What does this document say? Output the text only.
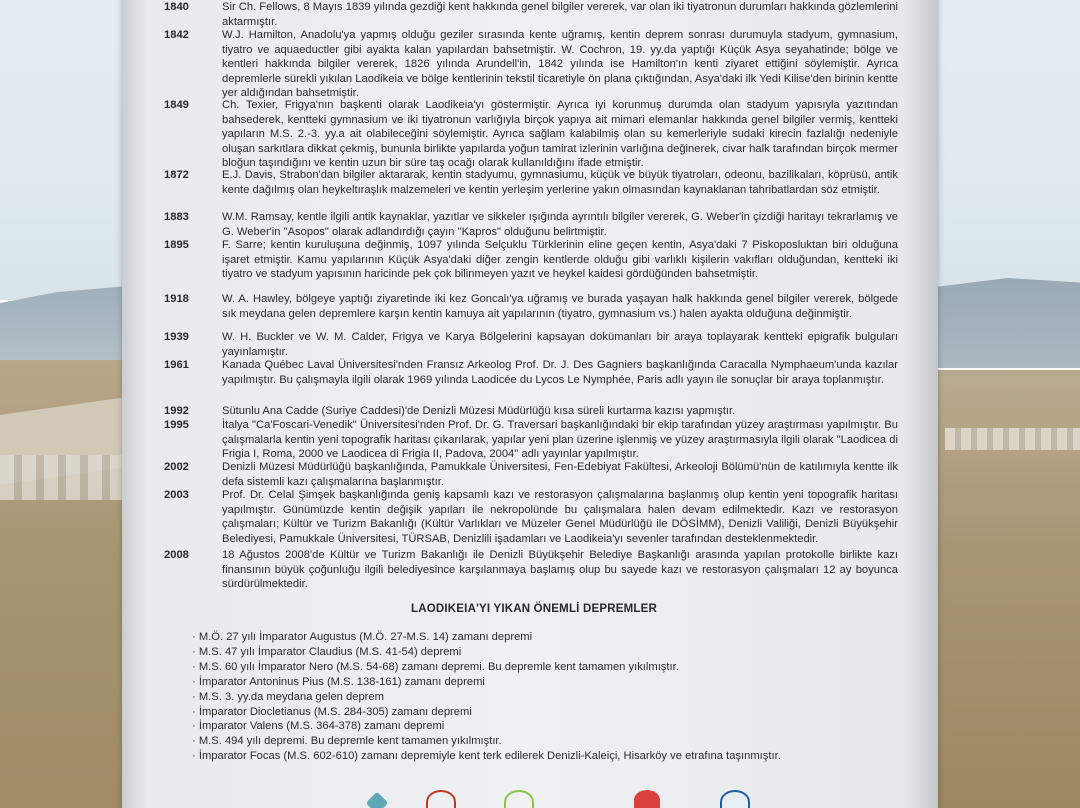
1840	Sir Ch. Fellows, 8 Mayıs 1839 yılında gezdiği kent hakkında genel bilgiler vererek, var olan iki tiyatronun durumları hakkında gözlemlerini aktarmıştır.
1842	W.J. Hamilton, Anadolu'ya yapmış olduğu geziler sırasında kente uğramış, kentin deprem sonrası durumuyla stadyum, gymnasium, tiyatro ve aquaeductler gibi ayakta kalan yapılardan bahsetmiştir. W. Cochron, 19. yy.da yaptığı Küçük Asya seyahatinde; bölge ve kentleri hakkında bilgiler vererek, 1826 yılında Arundell'in, 1842 yılında ise Hamilton'ın kenti ziyaret ettiğini söylemiştir. Ayrıca depremlerle sürekli yıkılan Laodikeia ve bölge kentlerinin tekstil ticaretiyle ön plana çıktığından, Asya'daki ilk Yedi Kilise'den birinin kentte yer aldığından bahsetmiştir.
1849	Ch. Texier, Frigya'nın başkenti olarak Laodikeia'yı göstermiştir. Ayrıca iyi korunmuş durumda olan stadyum yapısıyla yazıtından bahsederek, kentteki gymnasium ve iki tiyatronun varlığıyla birçok yapıya ait mimari elemanlar hakkında genel bilgiler vermiş, kentteki yapıların M.S. 2.-3. yy.a ait olabileceğini söylemiştir. Ayrıca sağlam kalabilmiş olan su kemerleriyle sudaki kirecin fazlalığı nedeniyle oluşan sarkıtlara dikkat çekmiş, bununla birlikte yapılarda yoğun tamirat izlerinin varlığına değinerek, civar halk tarafından birçok mermer bloğun taşındığını ve kentin uzun bir süre taş ocağı olarak kullanıldığını ifade etmiştir.
1872	E.J. Davis, Strabon'dan bilgiler aktararak, kentin stadyumu, gymnasiumu, küçük ve büyük tiyatroları, odeonu, bazilikaları, köprüsü, antik kente dağılmış olan heykeltıraşlık malzemeleri ve kentin yerleşim yerlerine yakın olmasından kaynaklanan tahribatlardan söz etmiştir.
1883	W.M. Ramsay, kentle ilgili antik kaynaklar, yazıtlar ve sikkeler ışığında ayrıntılı bilgiler vererek, G. Weber'in çizdiği haritayı tekrarlamış ve G. Weber'in "Asopos" olarak adlandırdığı çayın "Kapros" olduğunu belirtmiştir.
1895	F. Sarre; kentin kuruluşuna değinmiş, 1097 yılında Selçuklu Türklerinin eline geçen kentin, Asya'daki 7 Piskoposluktan biri olduğuna işaret etmiştir. Kamu yapılarının Küçük Asya'daki diğer zengin kentlerde olduğu gibi varlıklı kişilerin vakıfları olduğundan, kentteki iki tiyatro ve stadyum yapısının haricinde pek çok bilinmeyen yazıt ve heykel kaidesi gördüğünden bahsetmiştir.
1918	W. A. Hawley, bölgeye yaptığı ziyaretinde iki kez Goncalı'ya uğramış ve burada yaşayan halk hakkında genel bilgiler vererek, bölgede sık meydana gelen depremlere karşın kentin kamuya ait yapılarının (tiyatro, gymnasium vs.) halen ayakta olduğuna değinmiştir.
1939	W. H. Buckler ve W. M. Calder, Frigya ve Karya Bölgelerini kapsayan dokümanları bir araya toplayarak kentteki epigrafik bulguları yayınlamıştır.
1961	Kanada Québec Laval Üniversitesi'nden Fransız Arkeolog Prof. Dr. J. Des Gagniers başkanlığında Caracalla Nymphaeum'unda kazılar yapılmıştır. Bu çalışmayla ilgili olarak 1969 yılında Laodicée du Lycos Le Nymphée, Paris adlı yayın ile sonuçlar bir araya toplanmıştır.
1992	Sütunlu Ana Cadde (Suriye Caddesi)'de Denizli Müzesi Müdürlüğü kısa süreli kurtarma kazısı yapmıştır.
1995	İtalya "Ca'Foscari-Venedik" Üniversitesi'nden Prof. Dr. G. Traversari başkanlığındaki bir ekip tarafından yüzey araştırması yapılmıştır. Bu çalışmalarla kentin yeni topografik haritası çıkarılarak, yapılar yeni plan üzerine işlenmiş ve yüzey araştırmasıyla ilgili olarak "Laodicea di Frigia I, Roma, 2000 ve Laodicea di Frigia II, Padova, 2004" adlı yayınlar yapılmıştır.
2002	Denizli Müzesi Müdürlüğü başkanlığında, Pamukkale Üniversitesi, Fen-Edebiyat Fakültesi, Arkeoloji Bölümü'nün de katılımıyla kentte ilk defa sistemli kazı çalışmalarına başlanmıştır.
2003	Prof. Dr. Celal Şimşek başkanlığında geniş kapsamlı kazı ve restorasyon çalışmalarına başlanmış olup kentin yeni topografik haritası yapılmıştır. Günümüzde kentin değişik yapıları ile nekropolünde bu çalışmalara halen devam edilmektedir. Kazı ve restorasyon çalışmaları; Kültür ve Turizm Bakanlığı (Kültür Varlıkları ve Müzeler Genel Müdürlüğü ile DÖSİMM), Denizli Valiliği, Denizli Büyükşehir Belediyesi, Pamukkale Üniversitesi, TÜRSAB, Denizlili işadamları ve Laodikeia'yı sevenler tarafından desteklenmektedir.
2008	18 Ağustos 2008'de Kültür ve Turizm Bakanlığı ile Denizli Büyükşehir Belediye Başkanlığı arasında yapılan protokolle birlikte kazı finansının büyük çoğunluğu ilgili belediyesince karşılanmaya başlamış olup bu sayede kazı ve restorasyon çalışmaları 12 ay boyunca sürdürülmektedir.
LAODIKEIA'YI YIKAN ÖNEMLİ DEPREMLER
· M.Ö. 27 yılı İmparator Augustus (M.Ö. 27-M.S. 14) zamanı depremi
· M.S. 47 yılı İmparator Claudius (M.S. 41-54) depremi
· M.S. 60 yılı İmparator Nero (M.S. 54-68) zamanı depremi. Bu depremle kent tamamen yıkılmıştır.
· İmparator Antoninus Pius (M.S. 138-161) zamanı depremi
· M.S. 3. yy.da meydana gelen deprem
· İmparator Diocletianus (M.S. 284-305) zamanı depremi
· İmparator Valens (M.S. 364-378) zamanı depremi
· M.S. 494 yılı depremi. Bu depremle kent tamamen yıkılmıştır.
· İmparator Focas (M.S. 602-610) zamanı depremiyle kent terk edilerek Denizli-Kaleiçi, Hisarköy ve etrafına taşınmıştır.
